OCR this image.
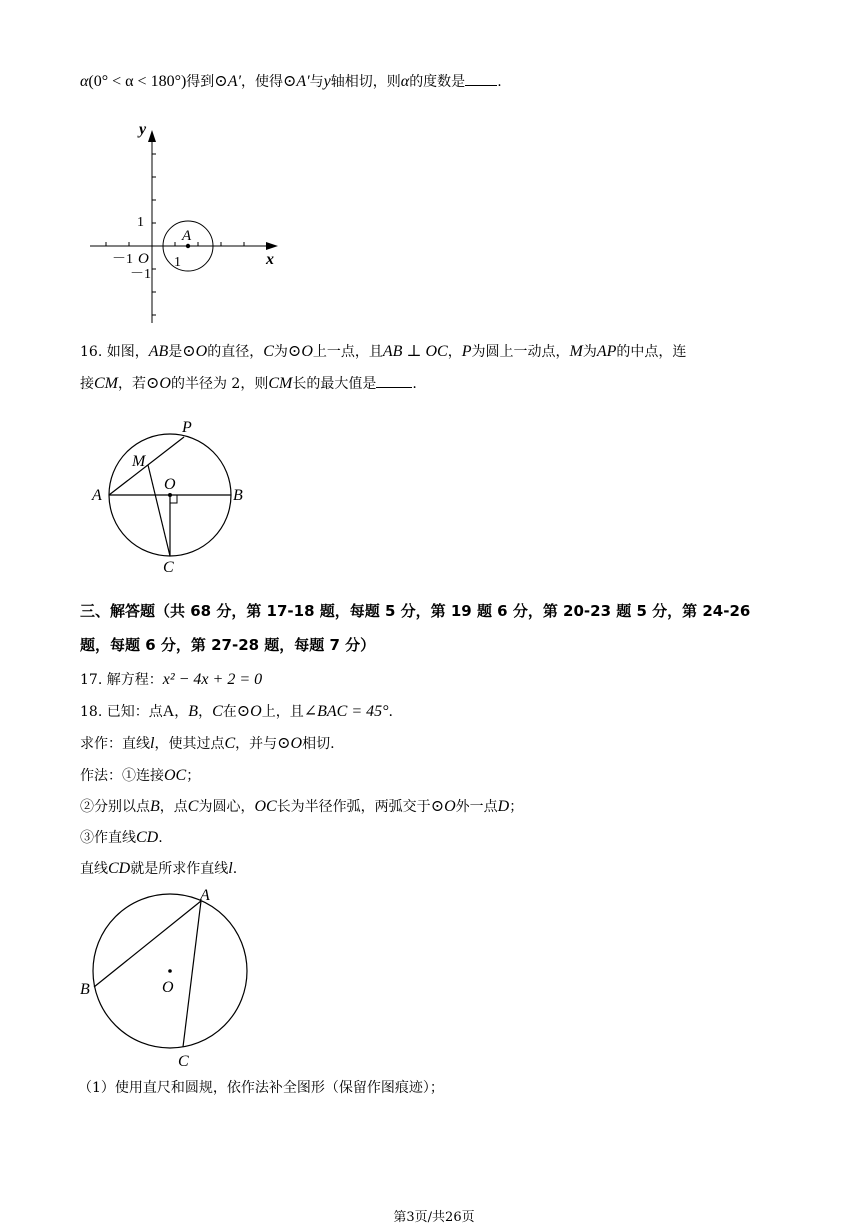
α(0° < α < 180°)得到⊙A′，使得⊙A′与y轴相切，则α的度数是 .
y
x
1
－1 O
－1
1
A
16. 如图，AB是⊙O的直径，C为⊙O上一点，且AB ⊥ OC，P为圆上一动点，M为AP的中点，连
接CM，若⊙O的半径为 2，则CM长的最大值是	.
P
M
A
O
B
C
三、解答题（共 68 分，第 17-18 题，每题 5 分，第 19 题 6 分，第 20-23 题 5 分，第 24-26
题，每题 6 分，第 27-28 题，每题 7 分）
17. 解方程：x² − 4x + 2 = 0
18. 已知：点A，B，C在⊙O上，且∠BAC = 45°.
求作：直线l，使其过点C，并与⊙O相切.
作法：①连接OC；
②分别以点B，点C为圆心，OC长为半径作弧，两弧交于⊙O外一点D；
③作直线CD.
直线CD就是所求作直线l.
A
B	O
C
（1）使用直尺和圆规，依作法补全图形（保留作图痕迹）；
第3页/共26页
